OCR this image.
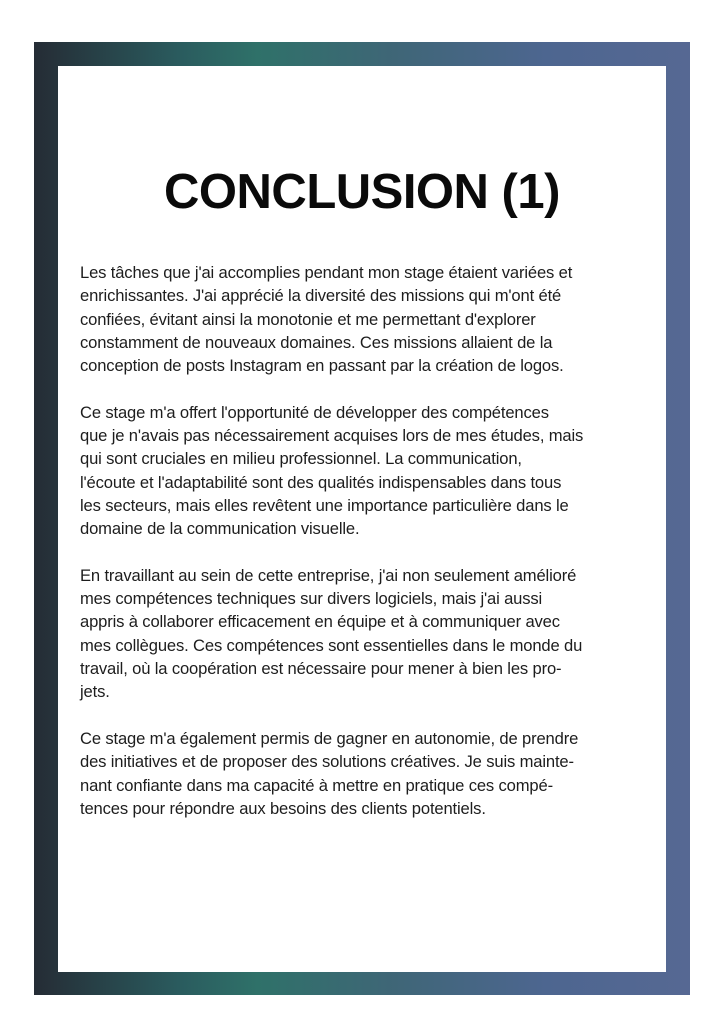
CONCLUSION (1)

Les tâches que j'ai accomplies pendant mon stage étaient variées et
enrichissantes. J'ai apprécié la diversité des missions qui m'ont été
confiées, évitant ainsi la monotonie et me permettant d'explorer
constamment de nouveaux domaines. Ces missions allaient de la
conception de posts Instagram en passant par la création de logos.

Ce stage m'a offert l'opportunité de développer des compétences
que je n'avais pas nécessairement acquises lors de mes études, mais
qui sont cruciales en milieu professionnel. La communication,
l'écoute et l'adaptabilité sont des qualités indispensables dans tous
les secteurs, mais elles revêtent une importance particulière dans le
domaine de la communication visuelle.

En travaillant au sein de cette entreprise, j'ai non seulement amélioré
mes compétences techniques sur divers logiciels, mais j'ai aussi
appris à collaborer efficacement en équipe et à communiquer avec
mes collègues. Ces compétences sont essentielles dans le monde du
travail, où la coopération est nécessaire pour mener à bien les pro-
jets.

Ce stage m'a également permis de gagner en autonomie, de prendre
des initiatives et de proposer des solutions créatives. Je suis mainte-
nant confiante dans ma capacité à mettre en pratique ces compé-
tences pour répondre aux besoins des clients potentiels.
